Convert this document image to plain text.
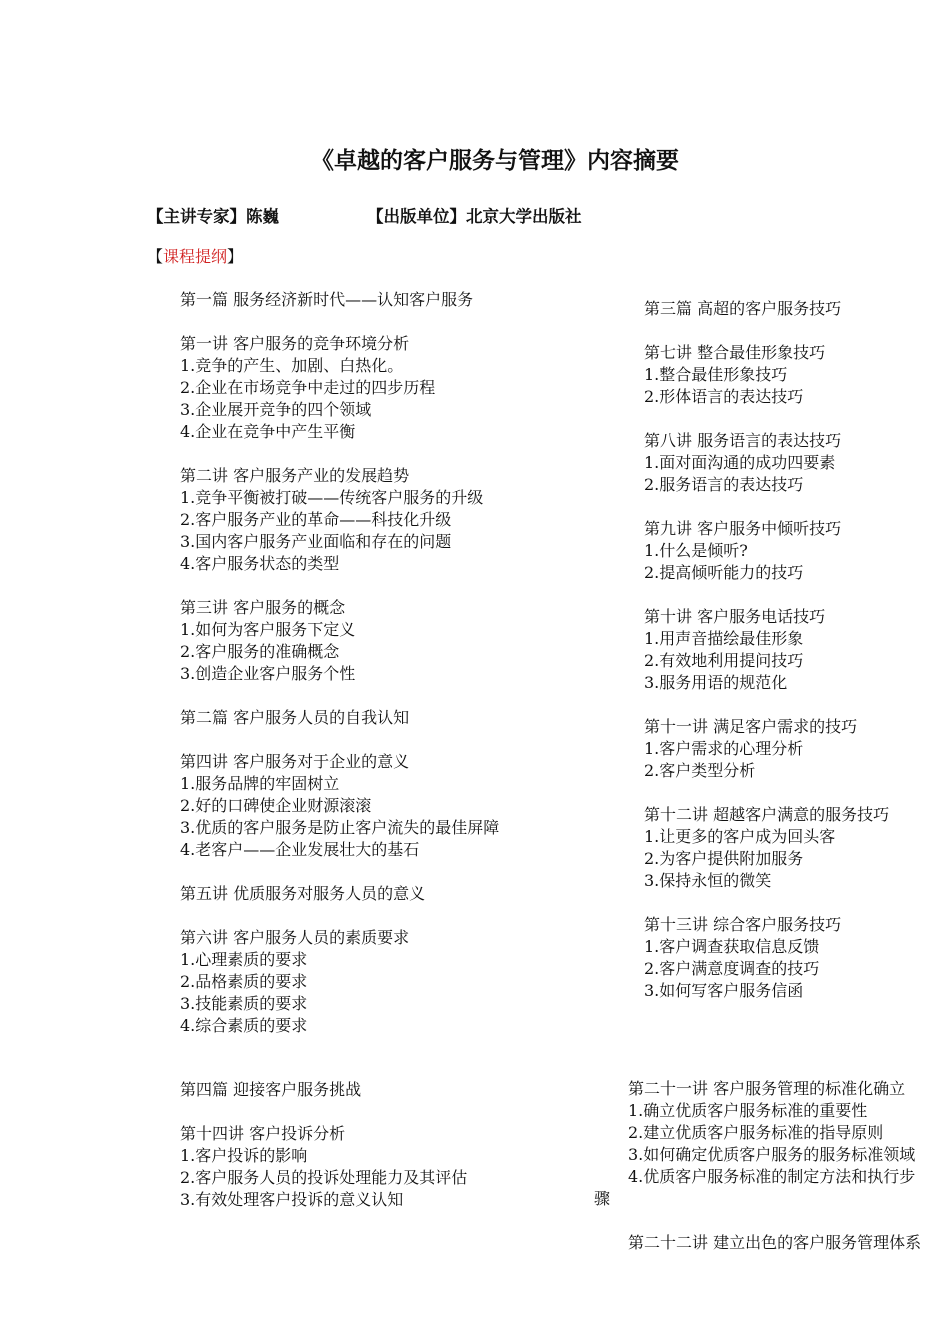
《卓越的客户服务与管理》内容摘要
【主讲专家】陈巍	【出版单位】北京大学出版社
【课程提纲】
第一篇 服务经济新时代——认知客户服务
第一讲 客户服务的竞争环境分析
1.竞争的产生、加剧、白热化。
2.企业在市场竞争中走过的四步历程
3.企业展开竞争的四个领域
4.企业在竞争中产生平衡
第二讲 客户服务产业的发展趋势
1.竞争平衡被打破——传统客户服务的升级
2.客户服务产业的革命——科技化升级
3.国内客户服务产业面临和存在的问题
4.客户服务状态的类型
第三讲 客户服务的概念
1.如何为客户服务下定义
2.客户服务的准确概念
3.创造企业客户服务个性
第二篇 客户服务人员的自我认知
第四讲 客户服务对于企业的意义
1.服务品牌的牢固树立
2.好的口碑使企业财源滚滚
3.优质的客户服务是防止客户流失的最佳屏障
4.老客户——企业发展壮大的基石
第五讲 优质服务对服务人员的意义
第六讲 客户服务人员的素质要求
1.心理素质的要求
2.品格素质的要求
3.技能素质的要求
4.综合素质的要求
第三篇 高超的客户服务技巧
第七讲 整合最佳形象技巧
1.整合最佳形象技巧
2.形体语言的表达技巧
第八讲 服务语言的表达技巧
1.面对面沟通的成功四要素
2.服务语言的表达技巧
第九讲 客户服务中倾听技巧
1.什么是倾听?
2.提高倾听能力的技巧
第十讲 客户服务电话技巧
1.用声音描绘最佳形象
2.有效地利用提问技巧
3.服务用语的规范化
第十一讲 满足客户需求的技巧
1.客户需求的心理分析
2.客户类型分析
第十二讲 超越客户满意的服务技巧
1.让更多的客户成为回头客
2.为客户提供附加服务
3.保持永恒的微笑
第十三讲 综合客户服务技巧
1.客户调查获取信息反馈
2.客户满意度调查的技巧
3.如何写客户服务信函
第四篇 迎接客户服务挑战
第十四讲 客户投诉分析
1.客户投诉的影响
2.客户服务人员的投诉处理能力及其评估
3.有效处理客户投诉的意义认知
第二十一讲 客户服务管理的标准化确立
1.确立优质客户服务标准的重要性
2.建立优质客户服务标准的指导原则
3.如何确定优质客户服务的服务标准领域
4.优质客户服务标准的制定方法和执行步骤
第二十二讲 建立出色的客户服务管理体系
